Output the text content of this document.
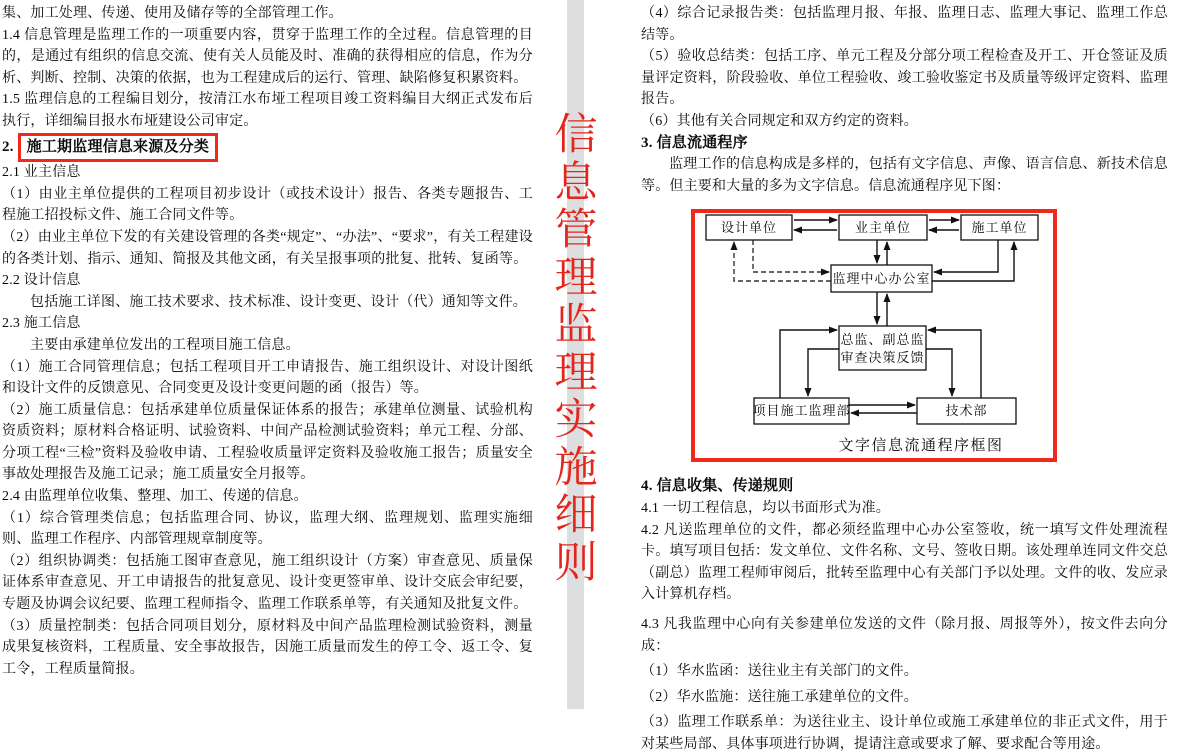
信
息
管
理
监
理
实
施
细
则

集、加工处理、传递、使用及储存等的全部管理工作。

1.4 信息管理是监理工作的一项重要内容，贯穿于监理工作的全过程。信息管理的目的，是通过有组织的信息交流、使有关人员能及时、准确的获得相应的信息，作为分析、判断、控制、决策的依据，也为工程建成后的运行、管理、缺陷修复积累资料。

1.5 监理信息的工程编目划分，按清江水布垭工程项目竣工资料编目大纲正式发布后执行，详细编目报水布垭建设公司审定。

2. 施工期监理信息来源及分类

2.1 业主信息

（1）由业主单位提供的工程项目初步设计（或技术设计）报告、各类专题报告、工程施工招投标文件、施工合同文件等。

（2）由业主单位下发的有关建设管理的各类“规定”、“办法”、“要求”，有关工程建设的各类计划、指示、通知、简报及其他文函，有关呈报事项的批复、批转、复函等。

2.2 设计信息

包括施工详图、施工技术要求、技术标准、设计变更、设计（代）通知等文件。

2.3 施工信息

主要由承建单位发出的工程项目施工信息。

（1）施工合同管理信息；包括工程项目开工申请报告、施工组织设计、对设计图纸和设计文件的反馈意见、合同变更及设计变更问题的函（报告）等。

（2）施工质量信息：包括承建单位质量保证体系的报告；承建单位测量、试验机构资质资料；原材料合格证明、试验资料、中间产品检测试验资料；单元工程、分部、分项工程“三检”资料及验收申请、工程验收质量评定资料及验收施工报告；质量安全事故处理报告及施工记录；施工质量安全月报等。

2.4 由监理单位收集、整理、加工、传递的信息。

（1）综合管理类信息；包括监理合同、协议，监理大纲、监理规划、监理实施细则、监理工作程序、内部管理规章制度等。

（2）组织协调类：包括施工图审查意见，施工组织设计（方案）审查意见、质量保证体系审查意见、开工申请报告的批复意见、设计变更签审单、设计交底会审纪要，专题及协调会议纪要、监理工程师指令、监理工作联系单等，有关通知及批复文件。

（3）质量控制类：包括合同项目划分，原材料及中间产品监理检测试验资料，测量成果复核资料，工程质量、安全事故报告，因施工质量而发生的停工令、返工令、复工令，工程质量简报。

（4）综合记录报告类：包括监理月报、年报、监理日志、监理大事记、监理工作总结等。

（5）验收总结类：包括工序、单元工程及分部分项工程检查及开工、开仓签证及质量评定资料，阶段验收、单位工程验收、竣工验收鉴定书及质量等级评定资料、监理报告。

（6）其他有关合同规定和双方约定的资料。

3. 信息流通程序

监理工作的信息构成是多样的，包括有文字信息、声像、语言信息、新技术信息等。但主要和大量的多为文字信息。信息流通程序见下图：

设计单位	业主单位	施工单位
监理中心办公室
总监、副总监
审查决策反馈
项目施工监理部	技术部
文字信息流通程序框图

4. 信息收集、传递规则

4.1 一切工程信息，均以书面形式为准。

4.2 凡送监理单位的文件，都必须经监理中心办公室签收，统一填写文件处理流程卡。填写项目包括：发文单位、文件名称、文号、签收日期。该处理单连同文件交总（副总）监理工程师审阅后，批转至监理中心有关部门予以处理。文件的收、发应录入计算机存档。

4.3 凡我监理中心向有关参建单位发送的文件（除月报、周报等外），按文件去向分成：

（1）华水监函：送往业主有关部门的文件。

（2）华水监施：送往施工承建单位的文件。

（3）监理工作联系单：为送往业主、设计单位或施工承建单位的非正式文件，用于对某些局部、具体事项进行协调，提请注意或要求了解、要求配合等用途。
